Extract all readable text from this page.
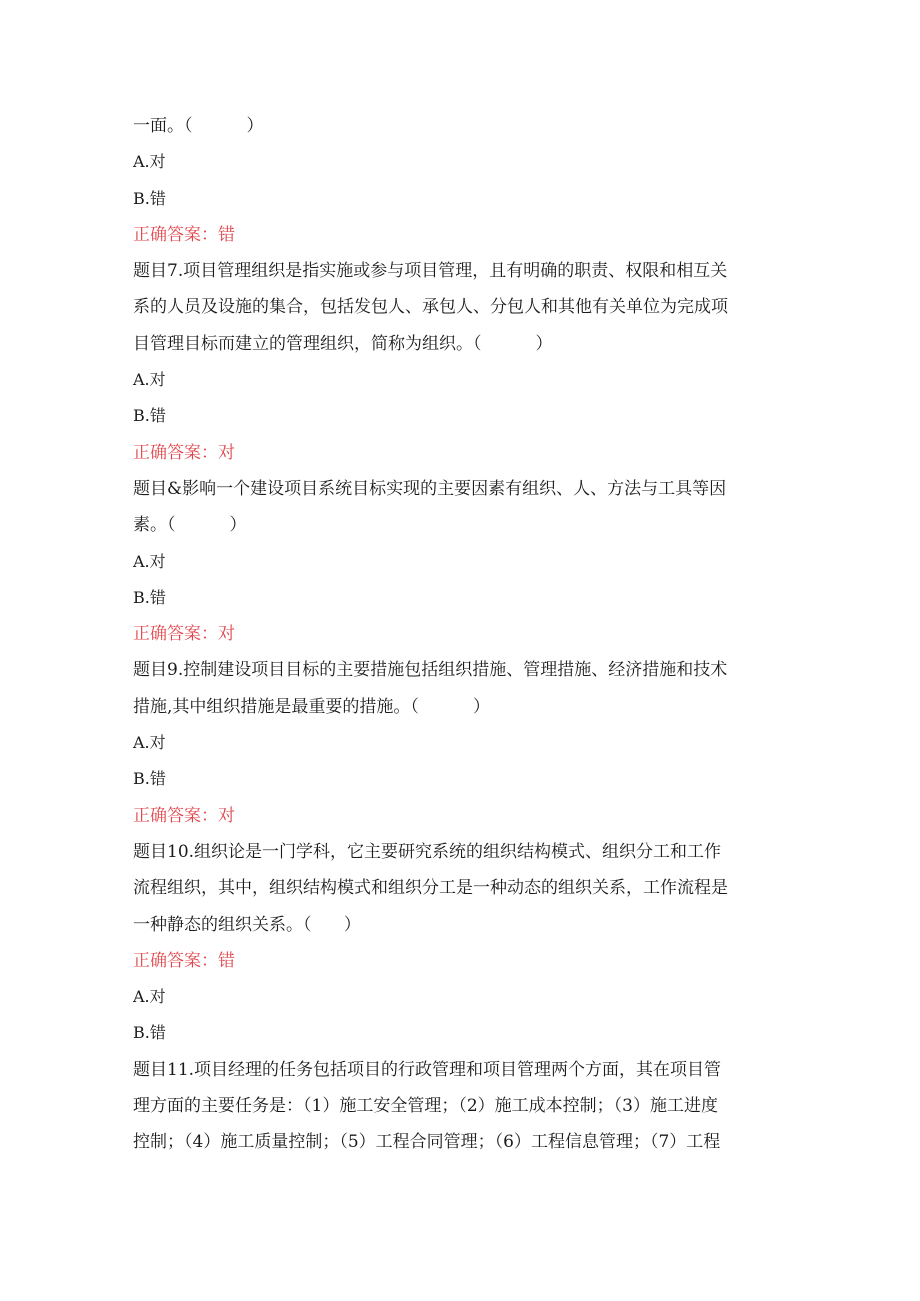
一面。（          ）

A.对

B.错

正确答案：错

题目7.项目管理组织是指实施或参与项目管理，且有明确的职责、权限和相互关

系的人员及设施的集合，包括发包人、承包人、分包人和其他有关单位为完成项

目管理目标而建立的管理组织，简称为组织。（          ）

A.对

B.错

正确答案：对

题目&影响一个建设项目系统目标实现的主要因素有组织、人、方法与工具等因

素。（          ）

A.对

B.错

正确答案：对

题目9.控制建设项目目标的主要措施包括组织措施、管理措施、经济措施和技术

措施,其中组织措施是最重要的措施。（          ）

A.对

B.错

正确答案：对

题目10.组织论是一门学科，它主要研究系统的组织结构模式、组织分工和工作

流程组织，其中，组织结构模式和组织分工是一种动态的组织关系，工作流程是

一种静态的组织关系。（      ）

正确答案：错

A.对

B.错

题目11.项目经理的任务包括项目的行政管理和项目管理两个方面，其在项目管

理方面的主要任务是：（1）施工安全管理；（2）施工成本控制；（3）施工进度

控制；（4）施工质量控制；（5）工程合同管理；（6）工程信息管理；（7）工程
